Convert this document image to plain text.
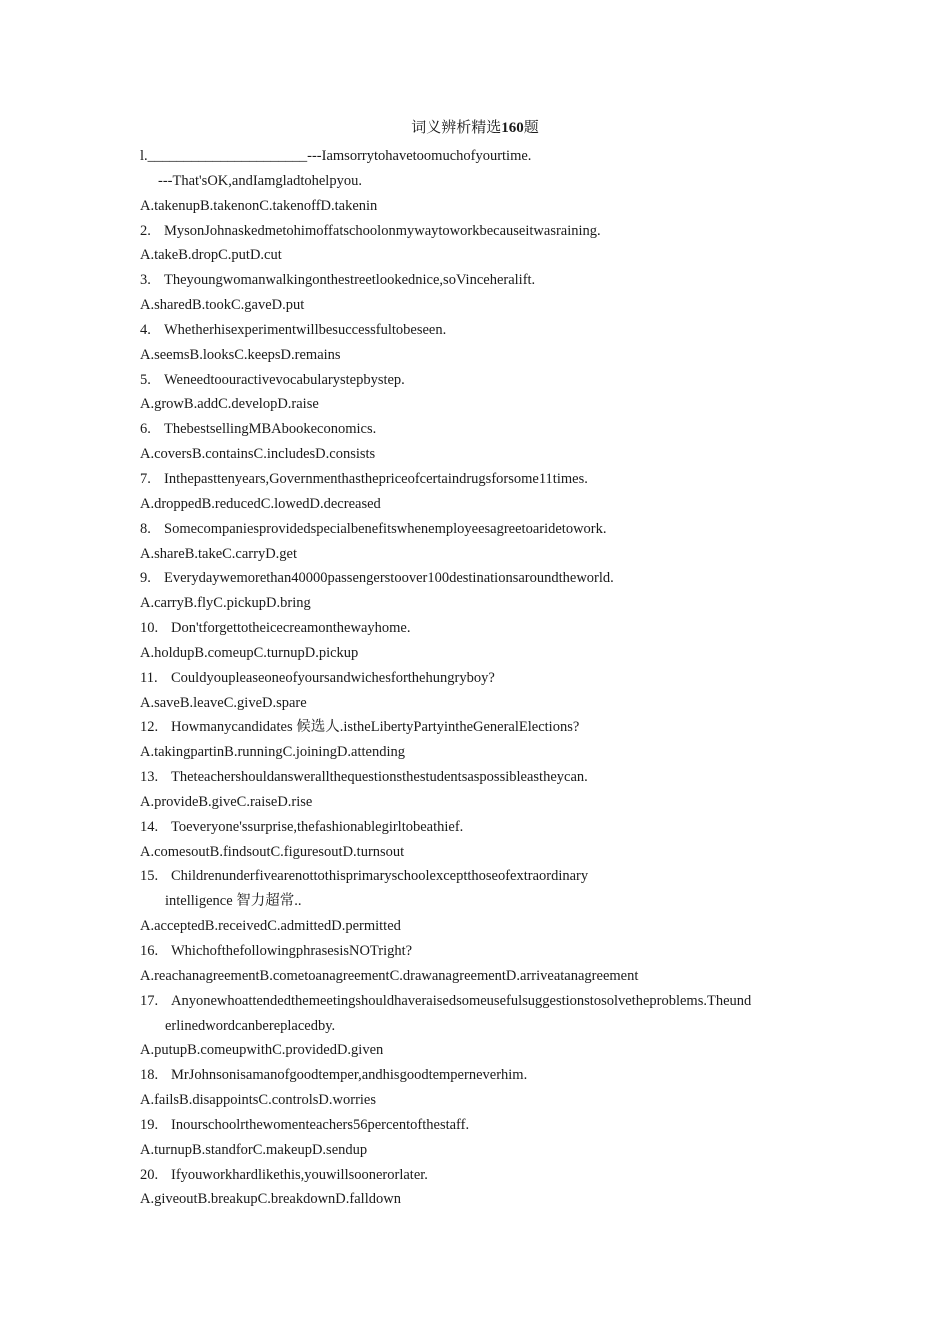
词义辨析精选160题
l.______________________---Iamsorrytohavetoomuchofyourtime.
---That'sOK,andIamgladtohelpyou.
A.takenupB.takenonC.takenoffD.takenin
2. MysonJohnaskedmetohimoffatschoolonmywaytoworkbecauseitwasraining.
A.takeB.dropC.putD.cut
3. Theyoungwomanwalkingonthestreetlookednice,soVinceheralift.
A.sharedB.tookC.gaveD.put
4. Whetherhisexperimentwillbesuccessfultobeseen.
A.seemsB.looksC.keepsD.remains
5. Weneedtoouractivevocabularystepbystep.
A.growB.addC.developD.raise
6. ThebestsellingMBAbookeconomics.
A.coversB.containsC.includesD.consists
7. Inthepasttenyears,Governmenthasthepriceofcertaindrugsforsome11times.
A.droppedB.reducedC.lowedD.decreased
8. Somecompaniesprovidedspecialbenefitswhenemployeesagreetoaridetowork.
A.shareB.takeC.carryD.get
9. Everydaywemorethan40000passengerstoover100destinationsaroundtheworld.
A.carryB.flyC.pickupD.bring
10. Don'tforgettotheicecreamonthewayhome.
A.holdupB.comeupC.turnupD.pickup
11. Couldyoupleaseoneofyoursandwichesforthehungryboy?
A.saveB.leaveC.giveD.spare
12. Howmanycandidates 候选人.istheLibertyPartyintheGeneralElections?
A.takingpartinB.runningC.joiningD.attending
13. Theteachershouldanswerallthequestionsthestudentsaspossibleastheycan.
A.provideB.giveC.raiseD.rise
14. Toeveryone'ssurprise,thefashionablegirltobeathief.
A.comesoutB.findsoutC.figuresoutD.turnsout
15. Childrenunderfivearenottothisprimaryschoolexceptthoseofextraordinary
intelligence 智力超常..
A.acceptedB.receivedC.admittedD.permitted
16. WhichofthefollowingphrasesisNOTright?
A.reachanagreementB.cometoanagreementC.drawanagreementD.arriveatanagreement
17. Anyonewhoattendedthemeetingshouldhaveraisedsomeusefulsuggestionstosolvetheproblems.Theund
erlinedwordcanbereplacedby.
A.putupB.comeupwithC.providedD.given
18. MrJohnsonisamanofgoodtemper,andhisgoodtemperneverhim.
A.failsB.disappointsC.controlsD.worries
19. Inourschoolrthewomenteachers56percentofthestaff.
A.turnupB.standforC.makeupD.sendup
20. Ifyouworkhardlikethis,youwillsoonerorlater.
A.giveoutB.breakupC.breakdownD.falldown
